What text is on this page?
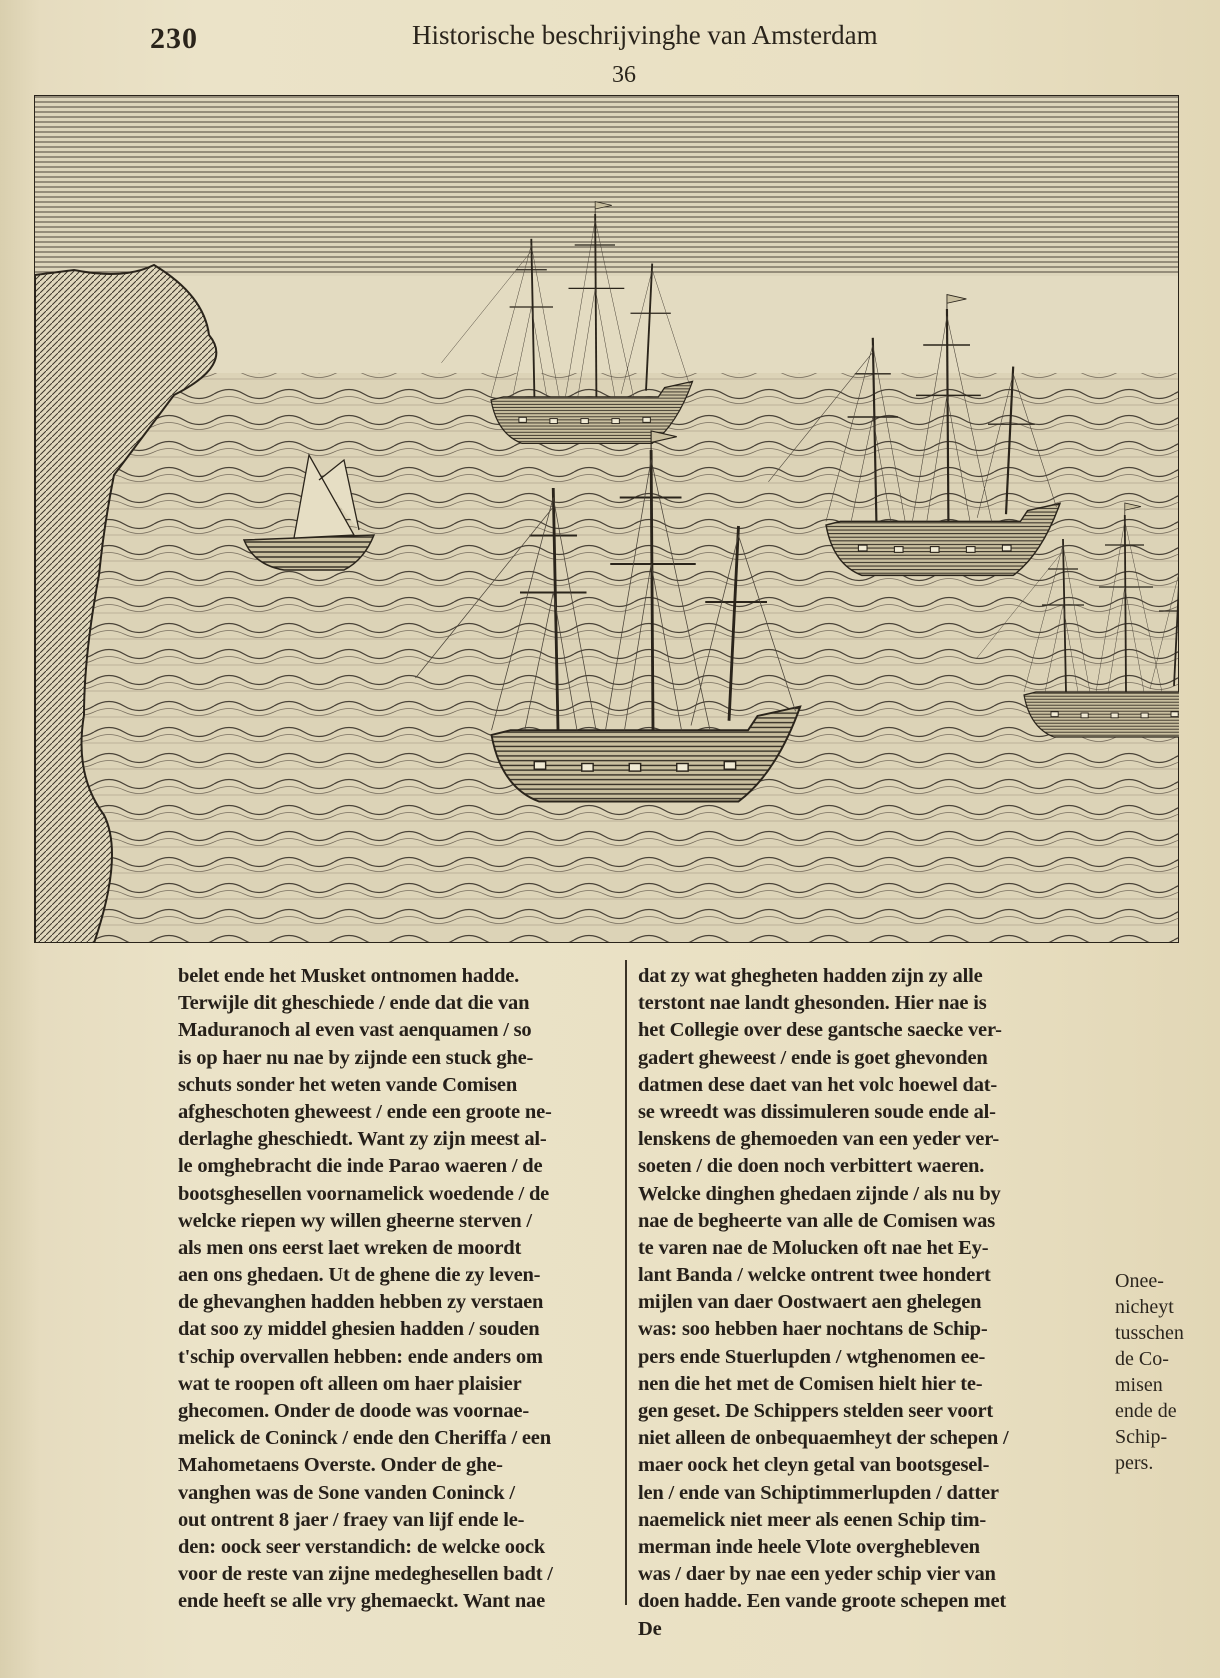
230	Historische beschrijvinghe van Amsterdam
36
belet ende het Musket ontnomen hadde.
Terwijle dit gheschiede / ende dat die van
Maduranoch al even vast aenquamen / so
is op haer nu nae by zijnde een stuck ghe-
schuts sonder het weten vande Comisen
afgheschoten gheweest / ende een groote ne-
derlaghe gheschiedt. Want zy zijn meest al-
le omghebracht die inde Parao waeren / de
bootsghesellen voornamelick woedende / de
welcke riepen wy willen gheerne sterven /
als men ons eerst laet wreken de moordt
aen ons ghedaen. Ut de ghene die zy leven-
de ghevanghen hadden hebben zy verstaen
dat soo zy middel ghesien hadden / souden
t'schip overvallen hebben: ende anders om
wat te roopen oft alleen om haer plaisier
ghecomen. Onder de doode was voornae-
melick de Coninck / ende den Cheriffa / een
Mahometaens Overste. Onder de ghe-
vanghen was de Sone vanden Coninck /
out ontrent 8 jaer / fraey van lijf ende le-
den: oock seer verstandich: de welcke oock
voor de reste van zijne medeghesellen badt /
ende heeft se alle vry ghemaeckt. Want nae
dat zy wat ghegheten hadden zijn zy alle
terstont nae landt ghesonden. Hier nae is
het Collegie over dese gantsche saecke ver-
gadert gheweest / ende is goet ghevonden
datmen dese daet van het volc hoewel dat-
se wreedt was dissimuleren soude ende al-
lenskens de ghemoeden van een yeder ver-
soeten / die doen noch verbittert waeren.
Welcke dinghen ghedaen zijnde / als nu by
nae de begheerte van alle de Comisen was
te varen nae de Molucken oft nae het Ey-
lant Banda / welcke ontrent twee hondert
mijlen van daer Oostwaert aen ghelegen
was: soo hebben haer nochtans de Schip-
pers ende Stuerlupden / wtghenomen ee-
nen die het met de Comisen hielt hier te-
gen geset. De Schippers stelden seer voort
niet alleen de onbequaemheyt der schepen /
maer oock het cleyn getal van bootsgesel-
len / ende van Schiptimmerlupden / datter
naemelick niet meer als eenen Schip tim-
merman inde heele Vlote overghebleven
was / daer by nae een yeder schip vier van
doen hadde. Een vande groote schepen met
De
Onee-
nicheyt
tusschen
de Co-
misen
ende de
Schip-
pers.
